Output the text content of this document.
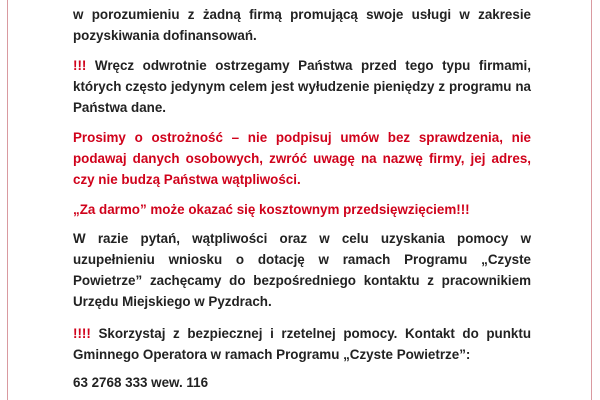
w porozumieniu z żadną firmą promującą swoje usługi w zakresie pozyskiwania dofinansowań.

!!! Wręcz odwrotnie ostrzegamy Państwa przed tego typu firmami, których często jedynym celem jest wyłudzenie pieniędzy z programu na Państwa dane.

Prosimy o ostrożność – nie podpisuj umów bez sprawdzenia, nie podawaj danych osobowych, zwróć uwagę na nazwę firmy, jej adres, czy nie budzą Państwa wątpliwości.

„Za darmo” może okazać się kosztownym przedsięwzięciem!!!

W razie pytań, wątpliwości oraz w celu uzyskania pomocy w uzupełnieniu wniosku o dotację w ramach Programu „Czyste Powietrze” zachęcamy do bezpośredniego kontaktu z pracownikiem Urzędu Miejskiego w Pyzdrach.

!!!! Skorzystaj z bezpiecznej i rzetelnej pomocy. Kontakt do punktu Gminnego Operatora w ramach Programu „Czyste Powietrze”:

63 2768 333 wew. 116
